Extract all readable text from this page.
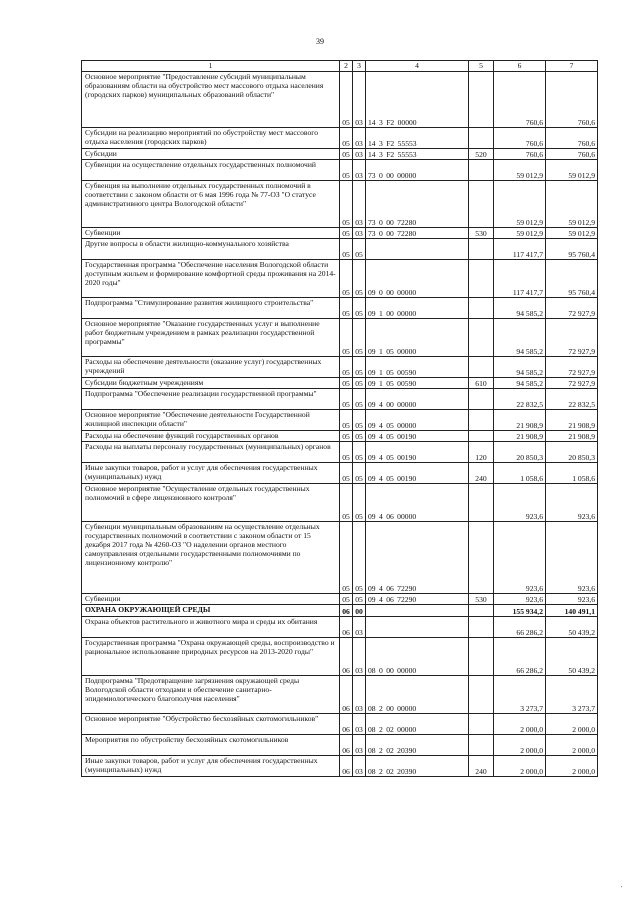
39
1	2	3	4	5	6	7
Основное мероприятие "Предоставление субсидий муниципальным образованиям области на обустройство мест массового отдыха населения (городских парков) муниципальных образований области"	05	03	14 3 F2 00000		760,6	760,6
Субсидии на реализацию мероприятий по обустройству мест массового отдыха населения (городских парков)	05	03	14 3 F2 55553		760,6	760,6
Субсидии	05	03	14 3 F2 55553	520	760,6	760,6
Субвенции на осуществление отдельных государственных полномочий	05	03	73 0 00 00000		59 012,9	59 012,9
Субвенция на выполнение отдельных государственных полномочий в соответствии с законом области от 6 мая 1996 года № 77-ОЗ "О статусе административного центра Вологодской области"	05	03	73 0 00 72280		59 012,9	59 012,9
Субвенции	05	03	73 0 00 72280	530	59 012,9	59 012,9
Другие вопросы в области жилищно-коммунального хозяйства	05	05			117 417,7	95 760,4
Государственная программа "Обеспечение населения Вологодской области доступным жильем и формирование комфортной среды проживания на 2014-2020 годы"	05	05	09 0 00 00000		117 417,7	95 760,4
Подпрограмма "Стимулирование развития жилищного строительства"	05	05	09 1 00 00000		94 585,2	72 927,9
Основное мероприятие "Оказание государственных услуг и выполнение работ бюджетным учреждением в рамках реализации государственной программы"	05	05	09 1 05 00000		94 585,2	72 927,9
Расходы на обеспечение деятельности (оказание услуг) государственных учреждений	05	05	09 1 05 00590		94 585,2	72 927,9
Субсидии бюджетным учреждениям	05	05	09 1 05 00590	610	94 585,2	72 927,9
Подпрограмма "Обеспечение реализации государственной программы"	05	05	09 4 00 00000		22 832,5	22 832,5
Основное мероприятие "Обеспечение деятельности Государственной жилищной инспекции области"	05	05	09 4 05 00000		21 908,9	21 908,9
Расходы на обеспечение функций государственных органов	05	05	09 4 05 00190		21 908,9	21 908,9
Расходы на выплаты персоналу государственных (муниципальных) органов	05	05	09 4 05 00190	120	20 850,3	20 850,3
Иные закупки товаров, работ и услуг для обеспечения государственных (муниципальных) нужд	05	05	09 4 05 00190	240	1 058,6	1 058,6
Основное мероприятие "Осуществление отдельных государственных полномочий в сфере лицензионного контроля"	05	05	09 4 06 00000		923,6	923,6
Субвенции муниципальным образованиям на осуществление отдельных государственных полномочий в соответствии с законом области от 15 декабря 2017 года № 4260-ОЗ "О наделении органов местного самоуправления отдельными государственными полномочиями по лицензионному контролю"	05	05	09 4 06 72290		923,6	923,6
Субвенции	05	05	09 4 06 72290	530	923,6	923,6
ОХРАНА ОКРУЖАЮЩЕЙ СРЕДЫ	06	00			155 934,2	140 491,1
Охрана объектов растительного и животного мира и среды их обитания	06	03			66 286,2	50 439,2
Государственная программа "Охрана окружающей среды, воспроизводство и рациональное использование природных ресурсов на 2013-2020 годы"	06	03	08 0 00 00000		66 286,2	50 439,2
Подпрограмма "Предотвращение загрязнения окружающей среды Вологодской области отходами и обеспечение санитарно-эпидемиологического благополучия населения"	06	03	08 2 00 00000		3 273,7	3 273,7
Основное мероприятие "Обустройство бесхозяйных скотомогильников"	06	03	08 2 02 00000		2 000,0	2 000,0
Мероприятия по обустройству бесхозяйных скотомогильников	06	03	08 2 02 20390		2 000,0	2 000,0
Иные закупки товаров, работ и услуг для обеспечения государственных (муниципальных) нужд	06	03	08 2 02 20390	240	2 000,0	2 000,0
'
